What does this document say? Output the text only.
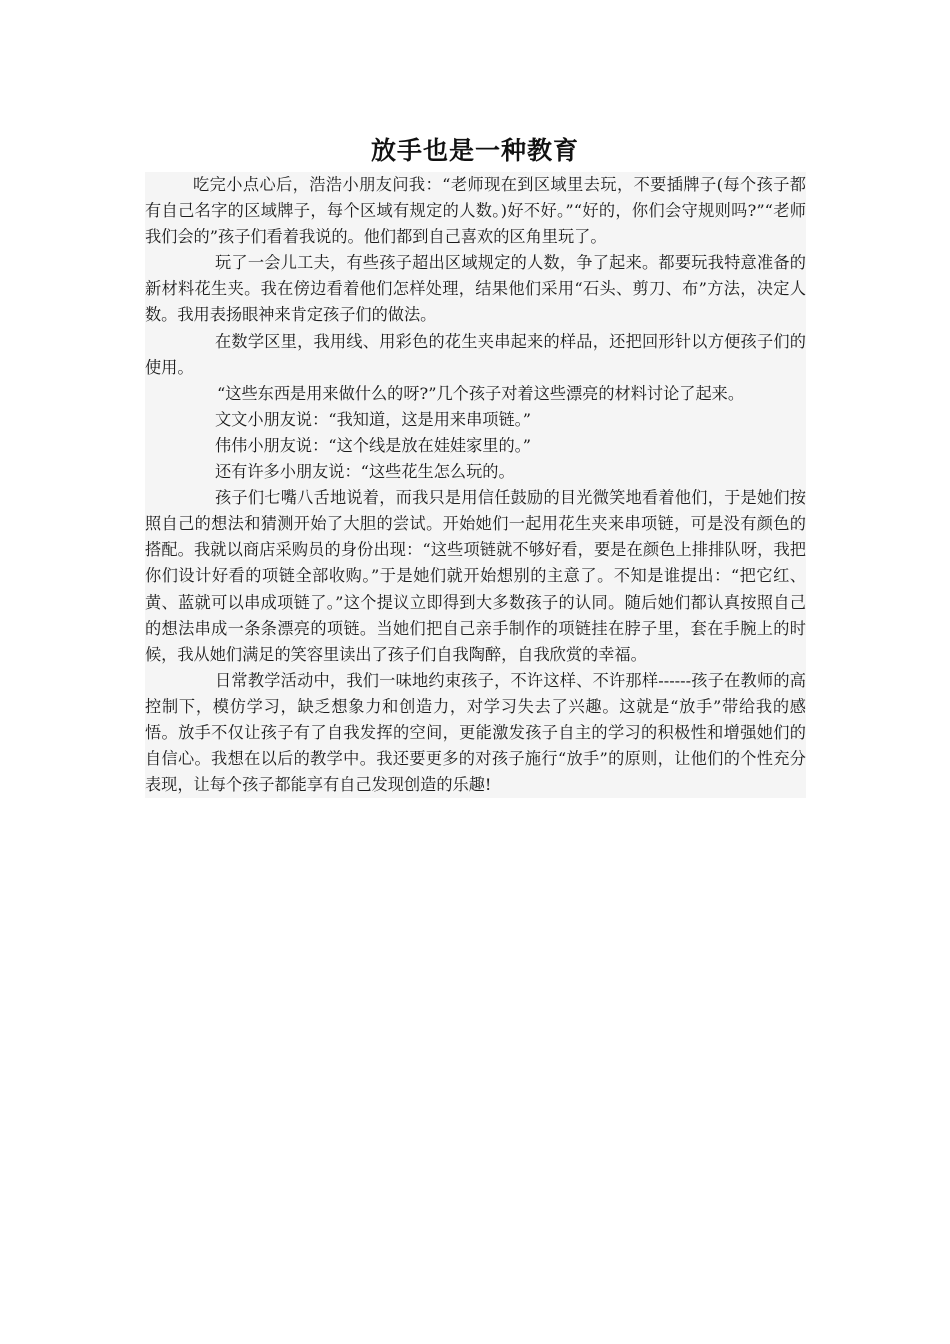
放手也是一种教育

吃完小点心后，浩浩小朋友问我：“老师现在到区域里去玩，不要插牌子(每个孩子都有自己名字的区域牌子，每个区域有规定的人数。)好不好。”“好的，你们会守规则吗?”“老师我们会的”孩子们看着我说的。他们都到自己喜欢的区角里玩了。

玩了一会儿工夫，有些孩子超出区域规定的人数，争了起来。都要玩我特意准备的新材料花生夹。我在傍边看着他们怎样处理，结果他们采用“石头、剪刀、布”方法，决定人数。我用表扬眼神来肯定孩子们的做法。

在数学区里，我用线、用彩色的花生夹串起来的样品，还把回形针以方便孩子们的使用。

“这些东西是用来做什么的呀?”几个孩子对着这些漂亮的材料讨论了起来。

文文小朋友说：“我知道，这是用来串项链。”

伟伟小朋友说：“这个线是放在娃娃家里的。”

还有许多小朋友说：“这些花生怎么玩的。

孩子们七嘴八舌地说着，而我只是用信任鼓励的目光微笑地看着他们，于是她们按照自己的想法和猜测开始了大胆的尝试。开始她们一起用花生夹来串项链，可是没有颜色的搭配。我就以商店采购员的身份出现：“这些项链就不够好看，要是在颜色上排排队呀，我把你们设计好看的项链全部收购。”于是她们就开始想别的主意了。不知是谁提出：“把它红、黄、蓝就可以串成项链了。”这个提议立即得到大多数孩子的认同。随后她们都认真按照自己的想法串成一条条漂亮的项链。当她们把自己亲手制作的项链挂在脖子里，套在手腕上的时候，我从她们满足的笑容里读出了孩子们自我陶醉，自我欣赏的幸福。

日常教学活动中，我们一味地约束孩子，不许这样、不许那样------孩子在教师的高控制下，模仿学习，缺乏想象力和创造力，对学习失去了兴趣。这就是“放手”带给我的感悟。放手不仅让孩子有了自我发挥的空间，更能激发孩子自主的学习的积极性和增强她们的自信心。我想在以后的教学中。我还要更多的对孩子施行“放手”的原则，让他们的个性充分表现，让每个孩子都能享有自己发现创造的乐趣!
